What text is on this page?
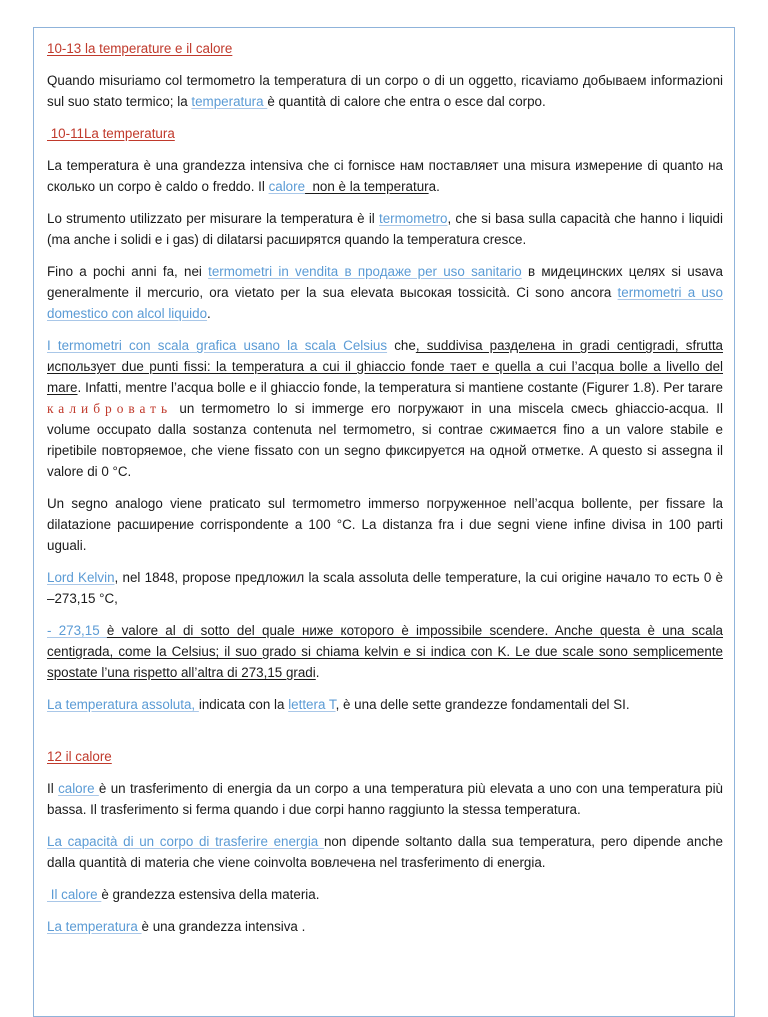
10-13 la temperature e il calore

Quando misuriamo col termometro la temperatura di un corpo o di un oggetto, ricaviamo добываем informazioni sul suo stato termico; la temperatura è quantità di calore che entra o esce dal corpo.

10-11La temperatura

La temperatura è una grandezza intensiva che ci fornisce нам поставляет una misura измерение di quanto на сколько un corpo è caldo o freddo. Il calore  non è la temperatura.

Lo strumento utilizzato per misurare la temperatura è il termometro, che si basa sulla capacità che hanno i liquidi (ma anche i solidi e i gas) di dilatarsi расширятся quando la temperatura cresce.

Fino a pochi anni fa, nei termometri in vendita в продаже per uso sanitario в мидецинских целях si usava generalmente il mercurio, ora vietato per la sua elevata высокая tossicità. Ci sono ancora termometri a uso domestico con alcol liquido.

I termometri con scala grafica usano la scala Celsius che, suddivisa разделена in gradi centigradi, sfrutta использует due punti fissi: la temperatura a cui il ghiaccio fonde тает e quella a cui l’acqua bolle a livello del mare. Infatti, mentre l’acqua bolle e il ghiaccio fonde, la temperatura si mantiene costante (Figurer 1.8). Per tarare калибровать un termometro lo si immerge его погружают in una miscela смесь ghiaccio-acqua. Il volume occupato dalla sostanza contenuta nel termometro, si contrae сжимается fino a un valore stabile e ripetibile повторяемое, che viene fissato con un segno фиксируется на одной отметке. A questo si assegna il valore di 0 °C.

Un segno analogo viene praticato sul termometro immerso погруженное nell’acqua bollente, per fissare la dilatazione расширение corrispondente a 100 °C. La distanza fra i due segni viene infine divisa in 100 parti uguali.

Lord Kelvin, nel 1848, propose предложил la scala assoluta delle temperature, la cui origine начало то есть 0 è –273,15 °C,

- 273,15 è valore al di sotto del quale ниже которого è impossibile scendere. Anche questa è una scala centigrada, come la Celsius; il suo grado si chiama kelvin e si indica con K. Le due scale sono semplicemente spostate l’una rispetto all’altra di 273,15 gradi.

La temperatura assoluta, indicata con la lettera T, è una delle sette grandezze fondamentali del SI.

12 il calore

Il calore è un trasferimento di energia da un corpo a una temperatura più elevata a uno con una temperatura più bassa. Il trasferimento si ferma quando i due corpi hanno raggiunto la stessa temperatura.

La capacità di un corpo di trasferire energia non dipende soltanto dalla sua temperatura, pero dipende anche dalla quantità di materia che viene coinvolta вовлечена nel trasferimento di energia.

Il calore è grandezza estensiva della materia.

La temperatura è una grandezza intensiva .
